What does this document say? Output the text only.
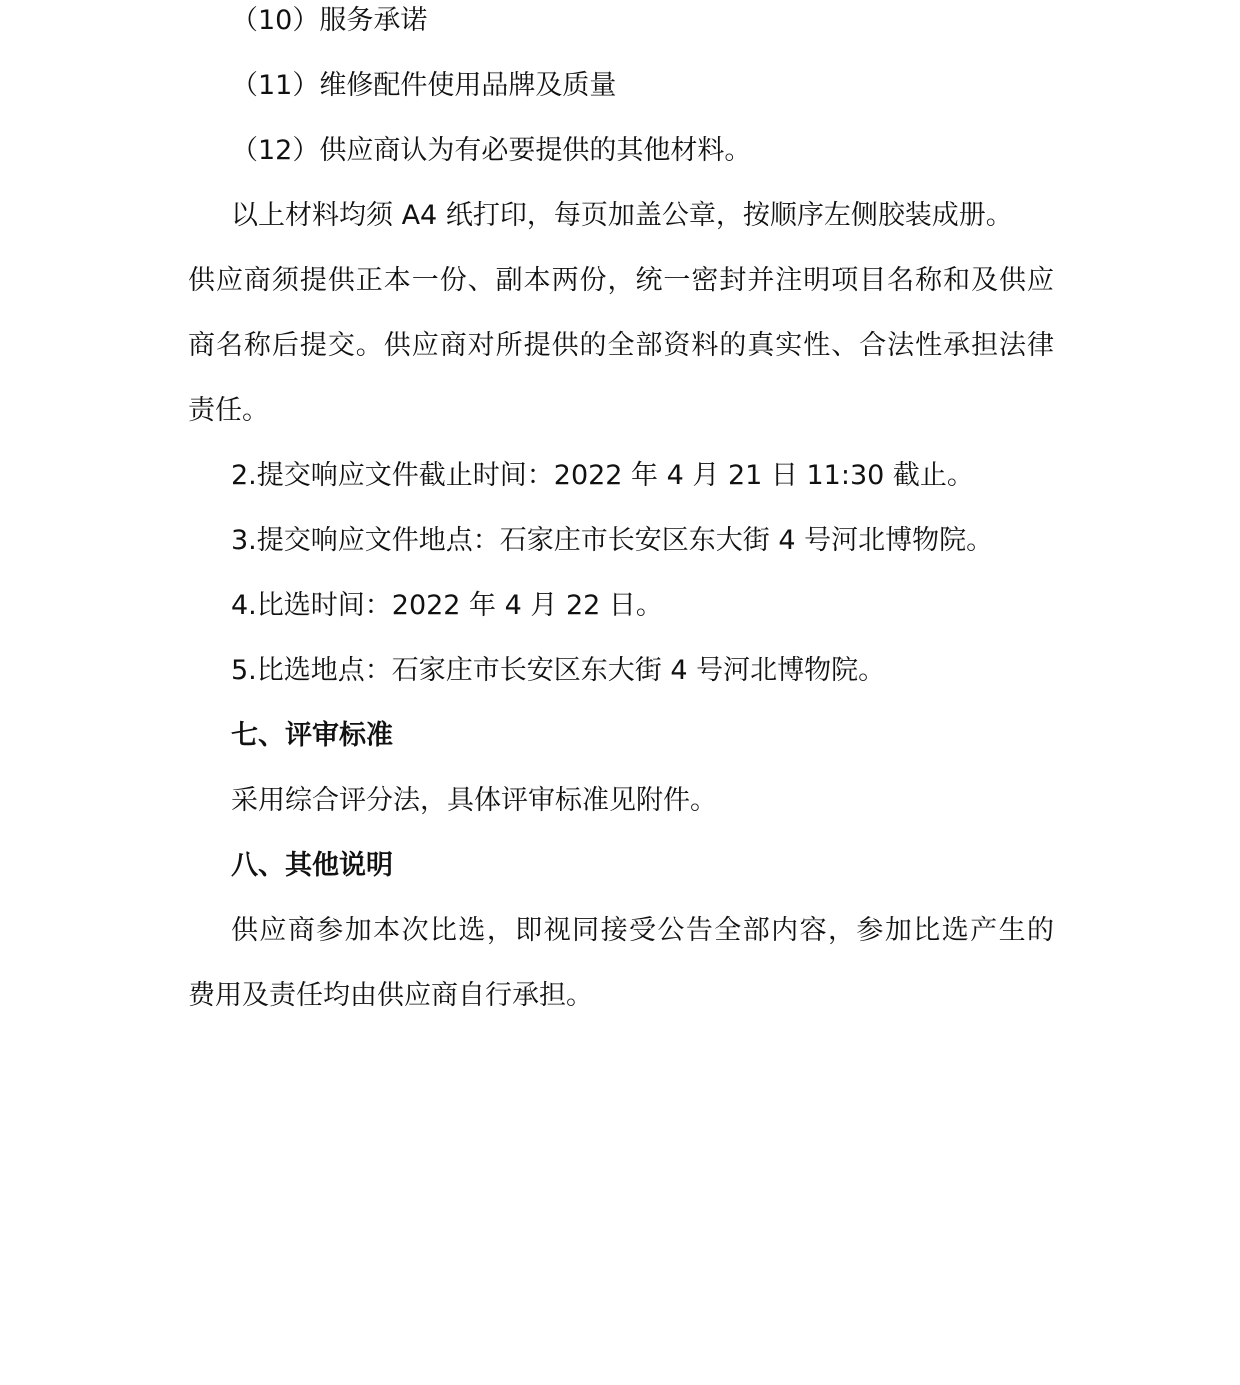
（10）服务承诺
（11）维修配件使用品牌及质量
（12）供应商认为有必要提供的其他材料。
以上材料均须 A4 纸打印，每页加盖公章，按顺序左侧胶装成册。
供应商须提供正本一份、副本两份，统一密封并注明项目名称和及供应
商名称后提交。供应商对所提供的全部资料的真实性、合法性承担法律
责任。
2.提交响应文件截止时间：2022 年 4 月 21 日 11:30 截止。
3.提交响应文件地点：石家庄市长安区东大街 4 号河北博物院。
4.比选时间：2022 年 4 月 22 日。
5.比选地点：石家庄市长安区东大街 4 号河北博物院。
七、评审标准
采用综合评分法，具体评审标准见附件。
八、其他说明
供应商参加本次比选，即视同接受公告全部内容，参加比选产生的
费用及责任均由供应商自行承担。
